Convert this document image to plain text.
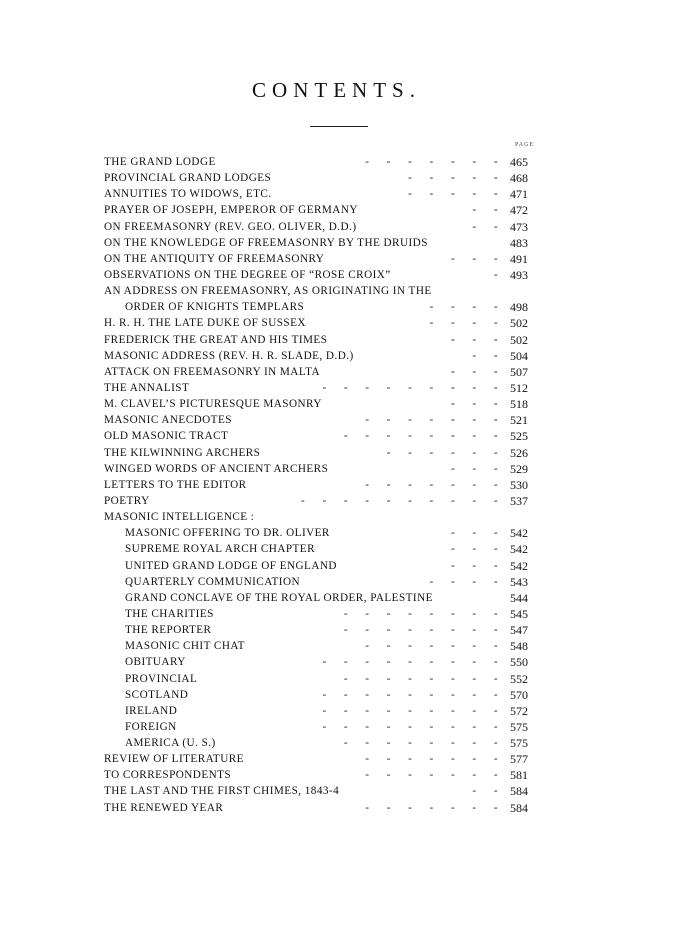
CONTENTS.
PAGE
THE GRAND LODGE	- - - - - - - 465
PROVINCIAL GRAND LODGES	- - - - - 468
ANNUITIES TO WIDOWS, ETC.	- - - - - 471
PRAYER OF JOSEPH, EMPEROR OF GERMANY	- - 472
ON FREEMASONRY (REV. GEO. OLIVER, D.D.)	- - 473
ON THE KNOWLEDGE OF FREEMASONRY BY THE DRUIDS	483
ON THE ANTIQUITY OF FREEMASONRY	- - - 491
OBSERVATIONS ON THE DEGREE OF “ROSE CROIX”	- 493
AN ADDRESS ON FREEMASONRY, AS ORIGINATING IN THE
ORDER OF KNIGHTS TEMPLARS	- - - - 498
H. R. H. THE LATE DUKE OF SUSSEX	- - - - 502
FREDERICK THE GREAT AND HIS TIMES	- - - 502
MASONIC ADDRESS (REV. H. R. SLADE, D.D.)	- - 504
ATTACK ON FREEMASONRY IN MALTA	- - - 507
THE ANNALIST	- - - - - - - - - 512
M. CLAVEL’S PICTURESQUE MASONRY	- - - 518
MASONIC ANECDOTES	- - - - - - - 521
OLD MASONIC TRACT	- - - - - - - - 525
THE KILWINNING ARCHERS	- - - - - - 526
WINGED WORDS OF ANCIENT ARCHERS	- - - 529
LETTERS TO THE EDITOR	- - - - - - - 530
POETRY	- - - - - - - - - - 537
MASONIC INTELLIGENCE :
MASONIC OFFERING TO DR. OLIVER	- - - 542
SUPREME ROYAL ARCH CHAPTER	- - - 542
UNITED GRAND LODGE OF ENGLAND	- - - 542
QUARTERLY COMMUNICATION	- - - - 543
GRAND CONCLAVE OF THE ROYAL ORDER, PALESTINE	544
THE CHARITIES	- - - - - - - - 545
THE REPORTER	- - - - - - - - 547
MASONIC CHIT CHAT	- - - - - - - 548
OBITUARY	- - - - - - - - - 550
PROVINCIAL	- - - - - - - - 552
SCOTLAND	- - - - - - - - - 570
IRELAND	- - - - - - - - - 572
FOREIGN	- - - - - - - - - 575
AMERICA (U. S.)	- - - - - - - - 575
REVIEW OF LITERATURE	- - - - - - - 577
TO CORRESPONDENTS	- - - - - - - 581
THE LAST AND THE FIRST CHIMES, 1843-4	- - 584
THE RENEWED YEAR	- - - - - - - 584
